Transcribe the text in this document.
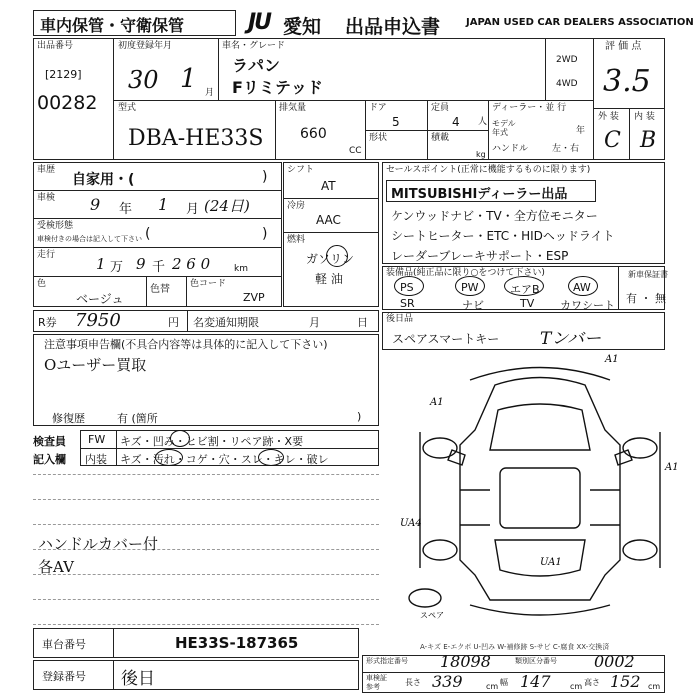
車内保管・守衛保管	JU 愛知 出品申込書	JAPAN USED CAR DEALERS ASSOCIATION
出品番号
[2129]
00282
初度登録年月
30 1 月
車名・グレード
ラパン
Fリミテッド
2WD
4WD
評 価 点
3.5
外 装 内 装
C B
型式
DBA-HE33S
排気量
660
CC
ドア
5
形状
定員
4 人
積載
kg
ディーラー・並 行
モデル
年式	年
ハンドル	左・右
車歴
自家用・(	)
車検 9 年 1 月 (24日)
受検形態
車検付きの場合は記入して下さい (	)
走行	1 万 9 千 2 6 0	km
色
ベージュ
色替 色コード
ZVP
シフト
AT
冷房
AAC
燃料
ガソリン
軽 油
セールスポイント(正常に機能するものに限ります)
MITSUBISHIディーラー出品
ケンウッドナビ・TV・全方位モニター
シートヒーター・ETC・HIDヘッドライト
レーダーブレーキサポート・ESP
装備品(純正品に限り○をつけて下さい)
PS	PW	エアB	AW
SR	ナビ	TV カワシート
新車保証書
有 ・ 無
R券 7950	円 名変通知期限	月	日 後日品
スペアスマートキー Tンバー
注意事項申告欄(不具合内容等は具体的に記入して下さい)
Oユーザー買取
修復歴	有 (箇所	)
検査員
記入欄
FW キズ・凹み・ヒビ割・リペア跡・X要
内装 キズ・汚れ・コゲ・穴・スレ・キレ・破レ
ハンドルカバー付
各AV
A1
A1
A1
UA4
UA1
スペア
A-キズ E-エクボ U-凹み W-補修跡 S-サビ C-腐食 XX-交換済
車台番号	HE33S-187365
登録番号 後日
形式指定番号 18098	類別区分番号 0002
車検証
参考	長さ 339	cm 幅 147 cm 高さ 152 cm
